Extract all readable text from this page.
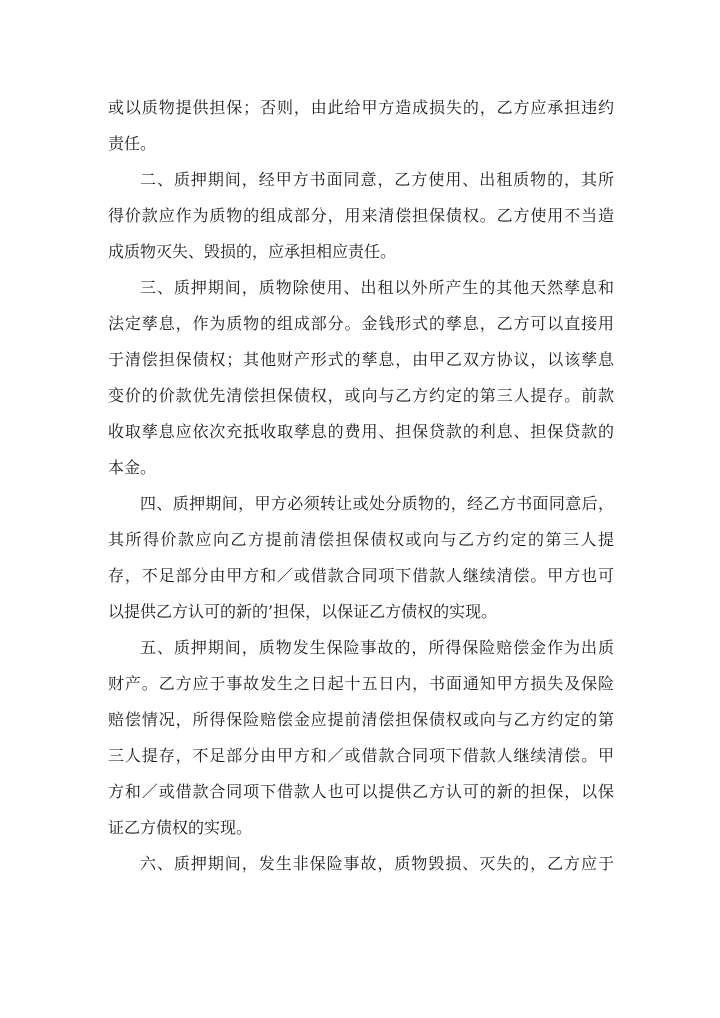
或以质物提供担保；否则，由此给甲方造成损失的，乙方应承担违约
责任。
二、质押期间，经甲方书面同意，乙方使用、出租质物的，其所
得价款应作为质物的组成部分，用来清偿担保债权。乙方使用不当造
成质物灭失、毁损的，应承担相应责任。
三、质押期间，质物除使用、出租以外所产生的其他天然孳息和
法定孳息，作为质物的组成部分。金钱形式的孳息，乙方可以直接用
于清偿担保债权；其他财产形式的孳息，由甲乙双方协议，以该孳息
变价的价款优先清偿担保债权，或向与乙方约定的第三人提存。前款
收取孳息应依次充抵收取孳息的费用、担保贷款的利息、担保贷款的
本金。
四、质押期间，甲方必须转让或处分质物的，经乙方书面同意后，
其所得价款应向乙方提前清偿担保债权或向与乙方约定的第三人提
存，不足部分由甲方和／或借款合同项下借款人继续清偿。甲方也可
以提供乙方认可的新的’担保，以保证乙方债权的实现。
五、质押期间，质物发生保险事故的，所得保险赔偿金作为出质
财产。乙方应于事故发生之日起十五日内，书面通知甲方损失及保险
赔偿情况，所得保险赔偿金应提前清偿担保债权或向与乙方约定的第
三人提存，不足部分由甲方和／或借款合同项下借款人继续清偿。甲
方和／或借款合同项下借款人也可以提供乙方认可的新的担保，以保
证乙方债权的实现。
六、质押期间，发生非保险事故，质物毁损、灭失的，乙方应于
